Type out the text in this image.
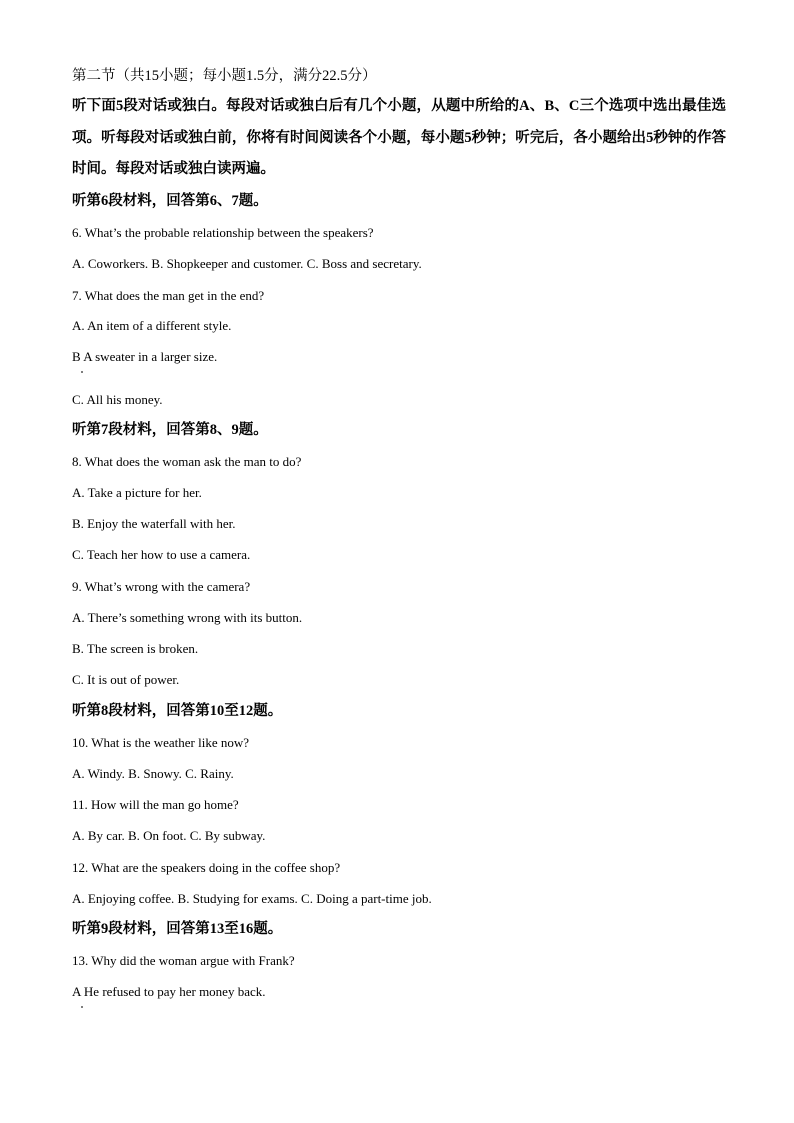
第二节（共15小题；每小题1.5分，满分22.5分）
听下面5段对话或独白。每段对话或独白后有几个小题，从题中所给的A、B、C三个选项中选出最佳选项。听每段对话或独白前，你将有时间阅读各个小题，每小题5秒钟；听完后，各小题给出5秒钟的作答时间。每段对话或独白读两遍。
听第6段材料，回答第6、7题。
6. What’s the probable relationship between the speakers?
A. Coworkers. B. Shopkeeper and customer. C. Boss and secretary.
7. What does the man get in the end?
A. An item of a different style.
B A sweater in a larger size.
C. All his money.
听第7段材料，回答第8、9题。
8. What does the woman ask the man to do?
A. Take a picture for her.
B. Enjoy the waterfall with her.
C. Teach her how to use a camera.
9. What’s wrong with the camera?
A. There’s something wrong with its button.
B. The screen is broken.
C. It is out of power.
听第8段材料，回答第10至12题。
10. What is the weather like now?
A. Windy. B. Snowy. C. Rainy.
11. How will the man go home?
A. By car. B. On foot. C. By subway.
12. What are the speakers doing in the coffee shop?
A. Enjoying coffee. B. Studying for exams. C. Doing a part-time job.
听第9段材料，回答第13至16题。
13. Why did the woman argue with Frank?
A He refused to pay her money back.
